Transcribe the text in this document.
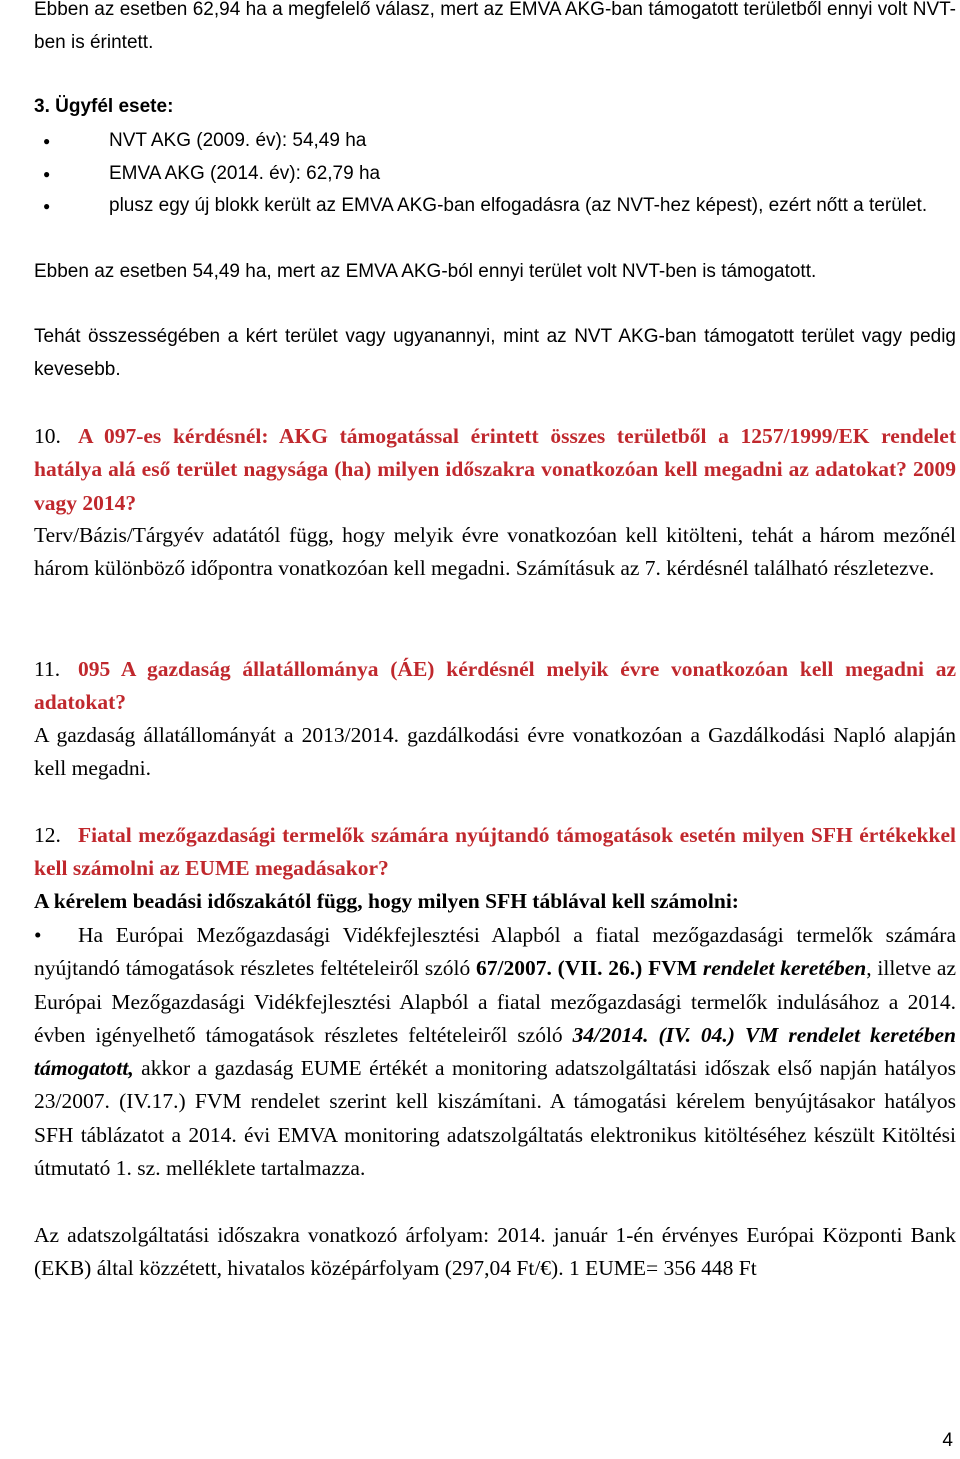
Ebben az esetben 62,94 ha a megfelelő válasz, mert az EMVA AKG-ban támogatott területből ennyi volt NVT-ben is érintett.

3. Ügyfél esete:

● NVT AKG (2009. év): 54,49 ha
● EMVA AKG (2014. év): 62,79 ha
● plusz egy új blokk került az EMVA AKG-ban elfogadásra (az NVT-hez képest), ezért nőtt a terület.

Ebben az esetben 54,49 ha, mert az EMVA AKG-ból ennyi terület volt NVT-ben is támogatott.

Tehát összességében a kért terület vagy ugyanannyi, mint az NVT AKG-ban támogatott terület vagy pedig kevesebb.

10. A 097-es kérdésnél: AKG támogatással érintett összes területből a 1257/1999/EK rendelet hatálya alá eső terület nagysága (ha) milyen időszakra vonatkozóan kell megadni az adatokat? 2009 vagy 2014?

Terv/Bázis/Tárgyév adatától függ, hogy melyik évre vonatkozóan kell kitölteni, tehát a három mezőnél három különböző időpontra vonatkozóan kell megadni. Számításuk az 7. kérdésnél található részletezve.

11. 095 A gazdaság állatállománya (ÁE) kérdésnél melyik évre vonatkozóan kell megadni az adatokat?

A gazdaság állatállományát a 2013/2014. gazdálkodási évre vonatkozóan a Gazdálkodási Napló alapján kell megadni.

12. Fiatal mezőgazdasági termelők számára nyújtandó támogatások esetén milyen SFH értékekkel kell számolni az EUME megadásakor?

A kérelem beadási időszakától függ, hogy milyen SFH táblával kell számolni:

• Ha Európai Mezőgazdasági Vidékfejlesztési Alapból a fiatal mezőgazdasági termelők számára nyújtandó támogatások részletes feltételeiről szóló 67/2007. (VII. 26.) FVM rendelet keretében, illetve az Európai Mezőgazdasági Vidékfejlesztési Alapból a fiatal mezőgazdasági termelők indulásához a 2014. évben igényelhető támogatások részletes feltételeiről szóló 34/2014. (IV. 04.) VM rendelet keretében támogatott, akkor a gazdaság EUME értékét a monitoring adatszolgáltatási időszak első napján hatályos 23/2007. (IV.17.) FVM rendelet szerint kell kiszámítani. A támogatási kérelem benyújtásakor hatályos SFH táblázatot a 2014. évi EMVA monitoring adatszolgáltatás elektronikus kitöltéséhez készült Kitöltési útmutató 1. sz. melléklete tartalmazza.

Az adatszolgáltatási időszakra vonatkozó árfolyam: 2014. január 1-én érvényes Európai Központi Bank (EKB) által közzétett, hivatalos középárfolyam (297,04 Ft/€). 1 EUME= 356 448 Ft

4
